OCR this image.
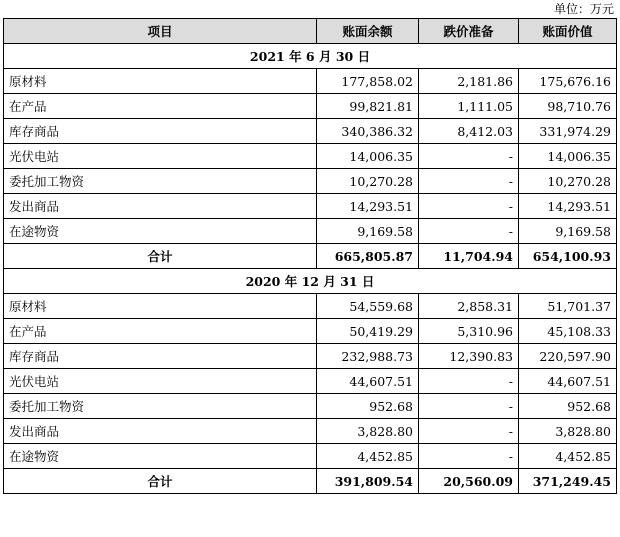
单位：万元
项目	账面余额	跌价准备	账面价值
2021 年 6 月 30 日			
原材料	177,858.02	2,181.86	175,676.16
在产品	99,821.81	1,111.05	98,710.76
库存商品	340,386.32	8,412.03	331,974.29
光伏电站	14,006.35	-	14,006.35
委托加工物资	10,270.28	-	10,270.28
发出商品	14,293.51	-	14,293.51
在途物资	9,169.58	-	9,169.58
合计	665,805.87	11,704.94	654,100.93
2020 年 12 月 31 日			
原材料	54,559.68	2,858.31	51,701.37
在产品	50,419.29	5,310.96	45,108.33
库存商品	232,988.73	12,390.83	220,597.90
光伏电站	44,607.51	-	44,607.51
委托加工物资	952.68	-	952.68
发出商品	3,828.80	-	3,828.80
在途物资	4,452.85	-	4,452.85
合计	391,809.54	20,560.09	371,249.45
